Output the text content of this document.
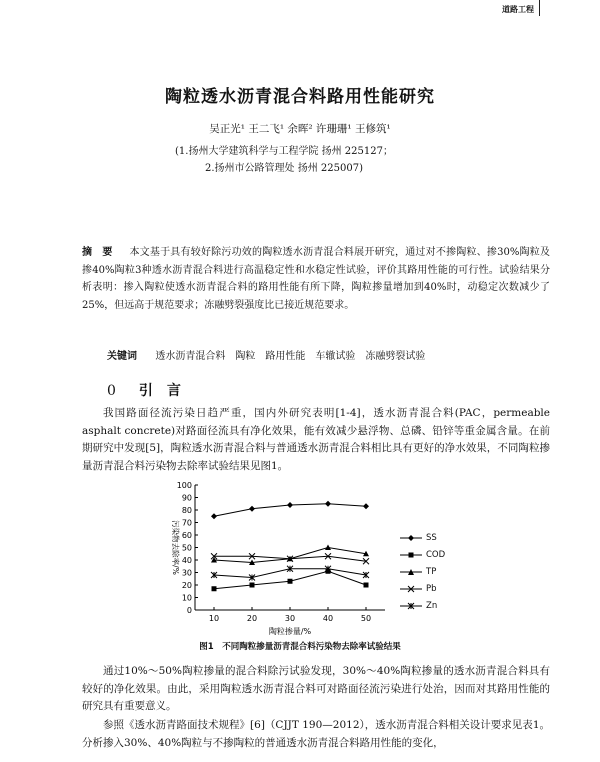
道路工程
陶粒透水沥青混合料路用性能研究
吴正光¹ 王二飞¹ 余晖² 许珊珊¹ 王修筑¹
(1.扬州大学建筑科学与工程学院 扬州 225127；
2.扬州市公路管理处 扬州 225007)
摘　要 本文基于具有较好除污功效的陶粒透水沥青混合料展开研究，通过对不掺陶粒、掺30%陶粒及掺40%陶粒3种透水沥青混合料进行高温稳定性和水稳定性试验，评价其路用性能的可行性。试验结果分析表明：掺入陶粒使透水沥青混合料的路用性能有所下降，陶粒掺量增加到40%时，动稳定次数减少了25%，但远高于规范要求；冻融劈裂强度比已接近规范要求。
关键词 透水沥青混合料　陶粒　路用性能　车辙试验　冻融劈裂试验
0 引　言
我国路面径流污染日趋严重，国内外研究表明[1-4]，透水沥青混合料(PAC，permeable asphalt concrete)对路面径流具有净化效果，能有效减少悬浮物、总磷、铅锌等重金属含量。在前期研究中发现[5]，陶粒透水沥青混合料与普通透水沥青混合料相比具有更好的净水效果，不同陶粒掺量沥青混合料污染物去除率试验结果见图1。
0
10
20
30
40
50
60
70
80
90
100
10	20	30	40	50
陶粒掺量/%
污染物去除率/%	SS
COD
TP
Pb
Zn
图1　不同陶粒掺量沥青混合料污染物去除率试验结果
通过10%～50%陶粒掺量的混合料除污试验发现，30%～40%陶粒掺量的透水沥青混合料具有较好的净化效果。由此，采用陶粒透水沥青混合料可对路面径流污染进行处治，因而对其路用性能的研究具有重要意义。
参照《透水沥青路面技术规程》[6]（CJJT 190—2012），透水沥青混合料相关设计要求见表1。分析掺入30%、40%陶粒与不掺陶粒的普通透水沥青混合料路用性能的变化，
